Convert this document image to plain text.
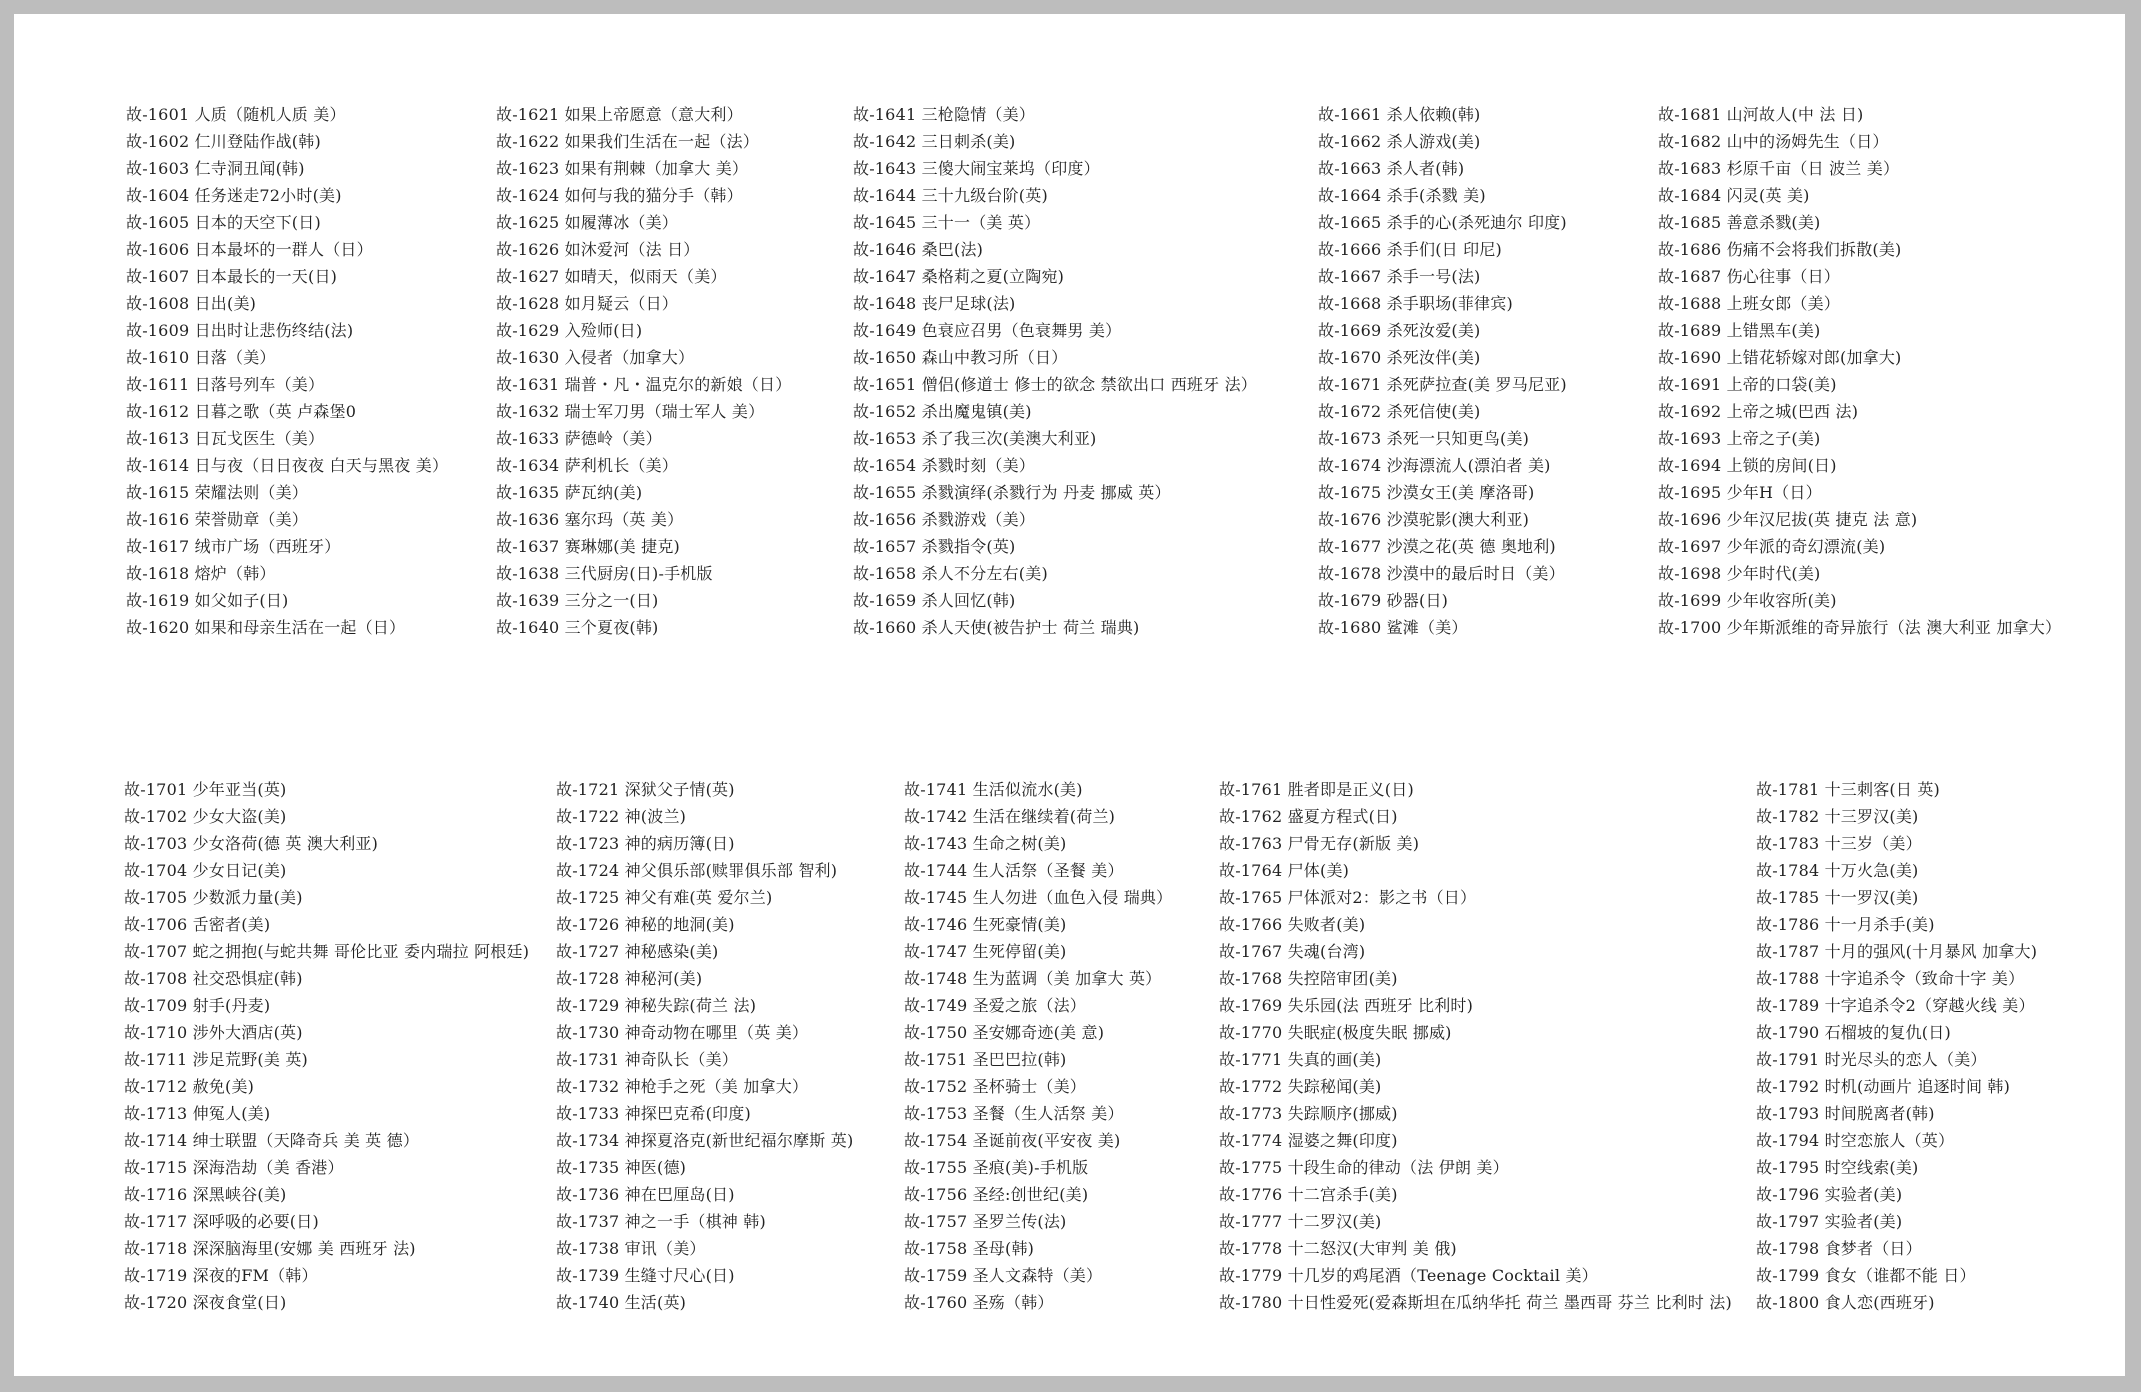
故-1601 人质（随机人质 美）
故-1602 仁川登陆作战(韩)
故-1603 仁寺洞丑闻(韩)
故-1604 任务迷走72小时(美)
故-1605 日本的天空下(日)
故-1606 日本最坏的一群人（日）
故-1607 日本最长的一天(日)
故-1608 日出(美)
故-1609 日出时让悲伤终结(法)
故-1610 日落（美）
故-1611 日落号列车（美）
故-1612 日暮之歌（英 卢森堡0
故-1613 日瓦戈医生（美）
故-1614 日与夜（日日夜夜 白天与黑夜 美）
故-1615 荣耀法则（美）
故-1616 荣誉勋章（美）
故-1617 绒市广场（西班牙）
故-1618 熔炉（韩）
故-1619 如父如子(日)
故-1620 如果和母亲生活在一起（日）
故-1621 如果上帝愿意（意大利）
故-1622 如果我们生活在一起（法）
故-1623 如果有荆棘（加拿大 美）
故-1624 如何与我的猫分手（韩）
故-1625 如履薄冰（美）
故-1626 如沐爱河（法 日）
故-1627 如晴天，似雨天（美）
故-1628 如月疑云（日）
故-1629 入殓师(日)
故-1630 入侵者（加拿大）
故-1631 瑞普・凡・温克尔的新娘（日）
故-1632 瑞士军刀男（瑞士军人 美）
故-1633 萨德岭（美）
故-1634 萨利机长（美）
故-1635 萨瓦纳(美)
故-1636 塞尔玛（英 美）
故-1637 赛琳娜(美 捷克)
故-1638 三代厨房(日)-手机版
故-1639 三分之一(日)
故-1640 三个夏夜(韩)
故-1641 三枪隐情（美）
故-1642 三日刺杀(美)
故-1643 三傻大闹宝莱坞（印度）
故-1644 三十九级台阶(英)
故-1645 三十一（美 英）
故-1646 桑巴(法)
故-1647 桑格莉之夏(立陶宛)
故-1648 丧尸足球(法)
故-1649 色衰应召男（色衰舞男 美）
故-1650 森山中教习所（日）
故-1651 僧侣(修道士 修士的欲念 禁欲出口 西班牙 法）
故-1652 杀出魔鬼镇(美)
故-1653 杀了我三次(美澳大利亚)
故-1654 杀戮时刻（美）
故-1655 杀戮演绎(杀戮行为 丹麦 挪威 英）
故-1656 杀戮游戏（美）
故-1657 杀戮指令(英)
故-1658 杀人不分左右(美)
故-1659 杀人回忆(韩)
故-1660 杀人天使(被告护士 荷兰 瑞典)
故-1661 杀人依赖(韩)
故-1662 杀人游戏(美)
故-1663 杀人者(韩)
故-1664 杀手(杀戮 美)
故-1665 杀手的心(杀死迪尔 印度)
故-1666 杀手们(日 印尼)
故-1667 杀手一号(法)
故-1668 杀手职场(菲律宾)
故-1669 杀死汝爱(美)
故-1670 杀死汝伴(美)
故-1671 杀死萨拉查(美 罗马尼亚)
故-1672 杀死信使(美)
故-1673 杀死一只知更鸟(美)
故-1674 沙海漂流人(漂泊者 美)
故-1675 沙漠女王(美 摩洛哥)
故-1676 沙漠驼影(澳大利亚)
故-1677 沙漠之花(英 德 奥地利)
故-1678 沙漠中的最后时日（美）
故-1679 砂器(日)
故-1680 鲨滩（美）
故-1681 山河故人(中 法 日)
故-1682 山中的汤姆先生（日）
故-1683 杉原千亩（日 波兰 美）
故-1684 闪灵(英 美)
故-1685 善意杀戮(美)
故-1686 伤痛不会将我们拆散(美)
故-1687 伤心往事（日）
故-1688 上班女郎（美）
故-1689 上错黑车(美)
故-1690 上错花轿嫁对郎(加拿大)
故-1691 上帝的口袋(美)
故-1692 上帝之城(巴西 法)
故-1693 上帝之子(美)
故-1694 上锁的房间(日)
故-1695 少年H（日）
故-1696 少年汉尼拔(英 捷克 法 意)
故-1697 少年派的奇幻漂流(美)
故-1698 少年时代(美)
故-1699 少年收容所(美)
故-1700 少年斯派维的奇异旅行（法 澳大利亚 加拿大）
故-1701 少年亚当(英)
故-1702 少女大盗(美)
故-1703 少女洛荷(德 英 澳大利亚)
故-1704 少女日记(美)
故-1705 少数派力量(美)
故-1706 舌密者(美)
故-1707 蛇之拥抱(与蛇共舞 哥伦比亚 委内瑞拉 阿根廷)
故-1708 社交恐惧症(韩)
故-1709 射手(丹麦)
故-1710 涉外大酒店(英)
故-1711 涉足荒野(美 英)
故-1712 赦免(美)
故-1713 伸冤人(美)
故-1714 绅士联盟（天降奇兵 美 英 德）
故-1715 深海浩劫（美 香港）
故-1716 深黑峡谷(美)
故-1717 深呼吸的必要(日)
故-1718 深深脑海里(安娜 美 西班牙 法)
故-1719 深夜的FM（韩）
故-1720 深夜食堂(日)
故-1721 深狱父子情(英)
故-1722 神(波兰)
故-1723 神的病历簿(日)
故-1724 神父俱乐部(赎罪俱乐部 智利)
故-1725 神父有难(英 爱尔兰)
故-1726 神秘的地洞(美)
故-1727 神秘感染(美)
故-1728 神秘河(美)
故-1729 神秘失踪(荷兰 法)
故-1730 神奇动物在哪里（英 美）
故-1731 神奇队长（美）
故-1732 神枪手之死（美 加拿大）
故-1733 神探巴克希(印度)
故-1734 神探夏洛克(新世纪福尔摩斯 英)
故-1735 神医(德)
故-1736 神在巴厘岛(日)
故-1737 神之一手（棋神 韩)
故-1738 审讯（美）
故-1739 生缝寸尺心(日)
故-1740 生活(英)
故-1741 生活似流水(美)
故-1742 生活在继续着(荷兰)
故-1743 生命之树(美)
故-1744 生人活祭（圣餐 美）
故-1745 生人勿进（血色入侵 瑞典）
故-1746 生死豪情(美)
故-1747 生死停留(美)
故-1748 生为蓝调（美 加拿大 英）
故-1749 圣爱之旅（法）
故-1750 圣安娜奇迹(美 意)
故-1751 圣巴巴拉(韩)
故-1752 圣杯骑士（美）
故-1753 圣餐（生人活祭 美）
故-1754 圣诞前夜(平安夜 美)
故-1755 圣痕(美)-手机版
故-1756 圣经:创世纪(美)
故-1757 圣罗兰传(法)
故-1758 圣母(韩)
故-1759 圣人文森特（美）
故-1760 圣殇（韩）
故-1761 胜者即是正义(日)
故-1762 盛夏方程式(日)
故-1763 尸骨无存(新版 美)
故-1764 尸体(美)
故-1765 尸体派对2：影之书（日）
故-1766 失败者(美)
故-1767 失魂(台湾)
故-1768 失控陪审团(美)
故-1769 失乐园(法 西班牙 比利时)
故-1770 失眠症(极度失眠 挪威)
故-1771 失真的画(美)
故-1772 失踪秘闻(美)
故-1773 失踪顺序(挪威)
故-1774 湿婆之舞(印度)
故-1775 十段生命的律动（法 伊朗 美）
故-1776 十二宫杀手(美)
故-1777 十二罗汉(美)
故-1778 十二怒汉(大审判 美 俄)
故-1779 十几岁的鸡尾酒（Teenage Cocktail 美）
故-1780 十日性爱死(爱森斯坦在瓜纳华托 荷兰 墨西哥 芬兰 比利时 法)
故-1781 十三刺客(日 英)
故-1782 十三罗汉(美)
故-1783 十三岁（美）
故-1784 十万火急(美)
故-1785 十一罗汉(美)
故-1786 十一月杀手(美)
故-1787 十月的强风(十月暴风 加拿大)
故-1788 十字追杀令（致命十字 美）
故-1789 十字追杀令2（穿越火线 美）
故-1790 石榴坡的复仇(日)
故-1791 时光尽头的恋人（美）
故-1792 时机(动画片 追逐时间 韩)
故-1793 时间脱离者(韩)
故-1794 时空恋旅人（英）
故-1795 时空线索(美)
故-1796 实验者(美)
故-1797 实验者(美)
故-1798 食梦者（日）
故-1799 食女（谁都不能 日）
故-1800 食人恋(西班牙)
